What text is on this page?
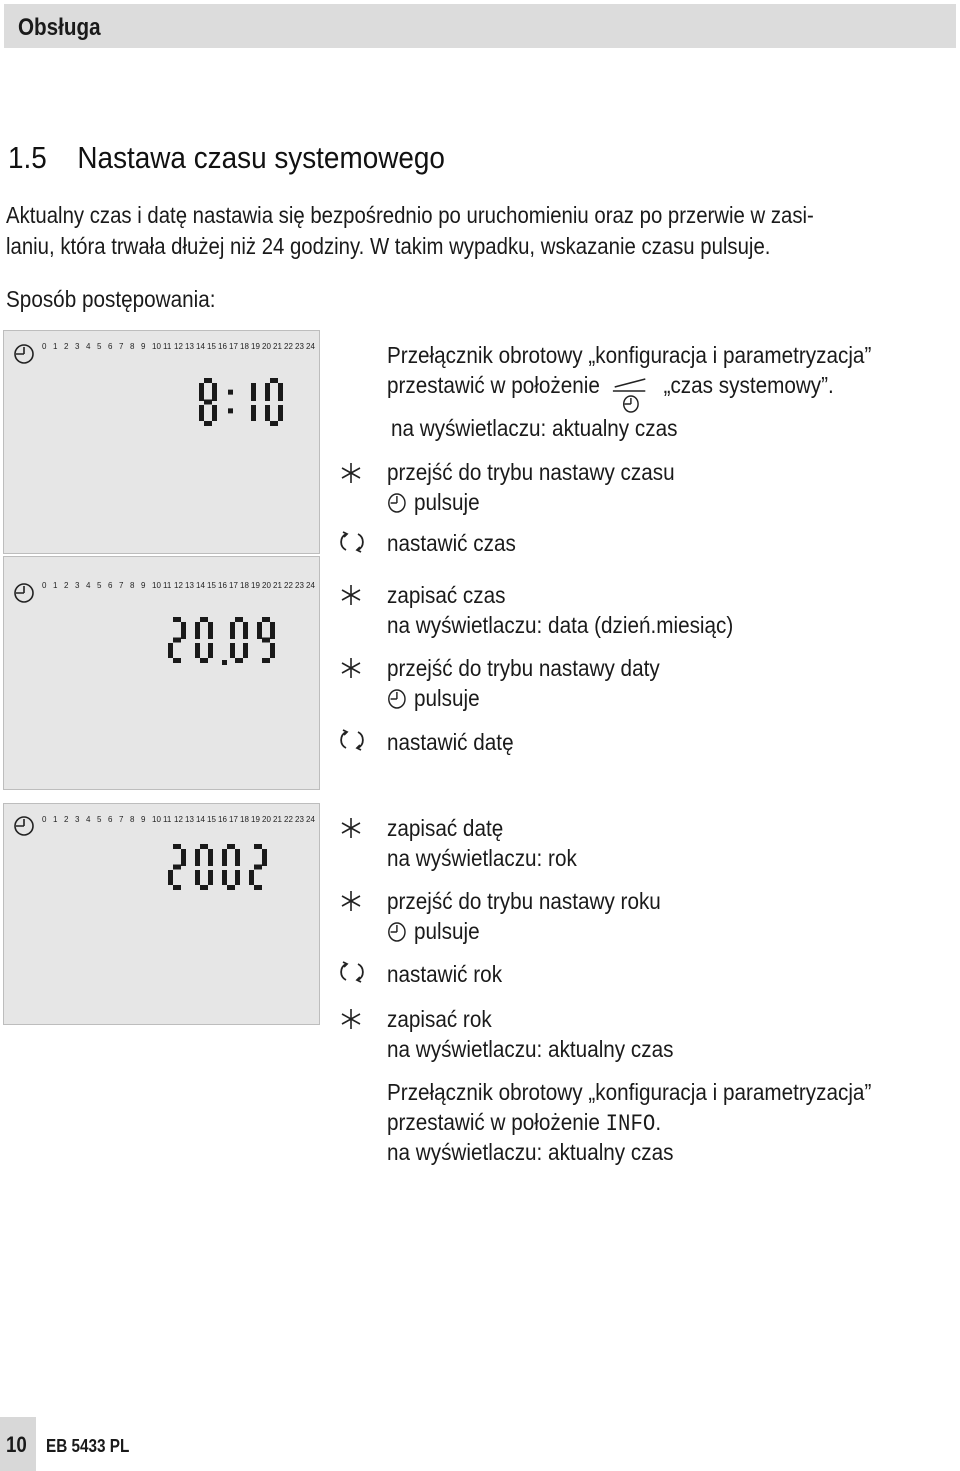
Obsługa
1.5 Nastawa czasu systemowego
Aktualny czas i datę nastawia się bezpośrednio po uruchomieniu oraz po przerwie w zasi-
laniu, która trwała dłużej niż 24 godziny. W takim wypadku, wskazanie czasu pulsuje.
Sposób postępowania:
0 1 2 3 4 5 6 7 8 9 10 11 12 13 14 15 16 17 18 19 20 21 22 23 24
0 1 2 3 4 5 6 7 8 9 10 11 12 13 14 15 16 17 18 19 20 21 22 23 24
0 1 2 3 4 5 6 7 8 9 10 11 12 13 14 15 16 17 18 19 20 21 22 23 24
Przełącznik obrotowy „konfiguracja i parametryzacja”
przestawić w położenie	„czas systemowy”.
na wyświetlaczu: aktualny czas
przejść do trybu nastawy czasu
pulsuje
nastawić czas
zapisać czas
na wyświetlaczu: data (dzień.miesiąc)
przejść do trybu nastawy daty
pulsuje
nastawić datę
zapisać datę
na wyświetlaczu: rok
przejść do trybu nastawy roku
pulsuje
nastawić rok
zapisać rok
na wyświetlaczu: aktualny czas
Przełącznik obrotowy „konfiguracja i parametryzacja”
przestawić w położenie INFO.
na wyświetlaczu: aktualny czas
10 EB 5433 PL
